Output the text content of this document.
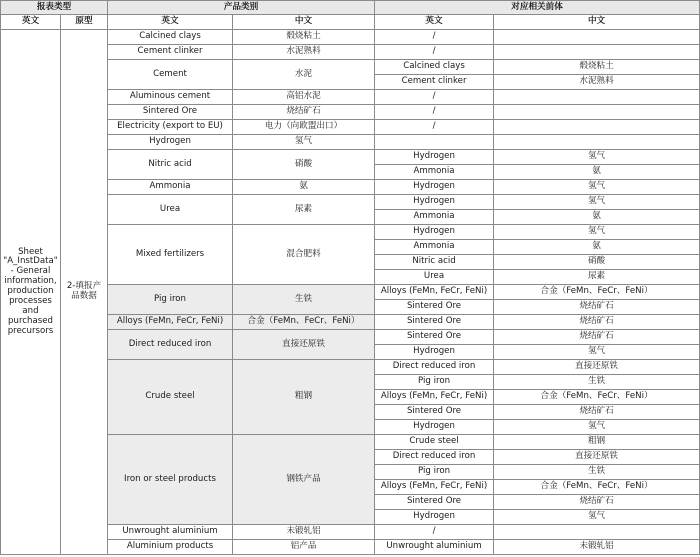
报表类型		产品类别		对应相关前体	
英文	原型	英文	中文	英文	中文
Sheet "A_InstData" - General information, production processes and purchased precursors	2-填报产品数据	Calcined clays	煅烧粘土	/	
		Cement clinker	水泥熟料	/	
		Cement	水泥	Calcined clays	煅烧粘土
				Cement clinker	水泥熟料
		Aluminous cement	高铝水泥	/	
		Sintered Ore	烧结矿石	/	
		Electricity (export to EU)	电力（向欧盟出口）	/	
		Hydrogen	氢气		
		Nitric acid	硝酸	Hydrogen	氢气
				Ammonia	氨
		Ammonia	氨	Hydrogen	氢气
		Urea	尿素	Hydrogen	氢气
				Ammonia	氨
		Mixed fertilizers	混合肥料	Hydrogen	氢气
				Ammonia	氨
				Nitric acid	硝酸
				Urea	尿素
		Pig iron	生铁	Alloys (FeMn, FeCr, FeNi)	合金（FeMn、FeCr、FeNi）
				Sintered Ore	烧结矿石
		Alloys (FeMn, FeCr, FeNi)	合金（FeMn、FeCr、FeNi）	Sintered Ore	烧结矿石
		Direct reduced iron	直接还原铁	Sintered Ore	烧结矿石
				Hydrogen	氢气
		Crude steel	粗钢	Direct reduced iron	直接还原铁
				Pig iron	生铁
				Alloys (FeMn, FeCr, FeNi)	合金（FeMn、FeCr、FeNi）
				Sintered Ore	烧结矿石
				Hydrogen	氢气
		Iron or steel products	钢铁产品	Crude steel	粗钢
				Direct reduced iron	直接还原铁
				Pig iron	生铁
				Alloys (FeMn, FeCr, FeNi)	合金（FeMn、FeCr、FeNi）
				Sintered Ore	烧结矿石
				Hydrogen	氢气
		Unwrought aluminium	未锻轧铝	/	
		Aluminium products	铝产品	Unwrought aluminium	未锻轧铝
